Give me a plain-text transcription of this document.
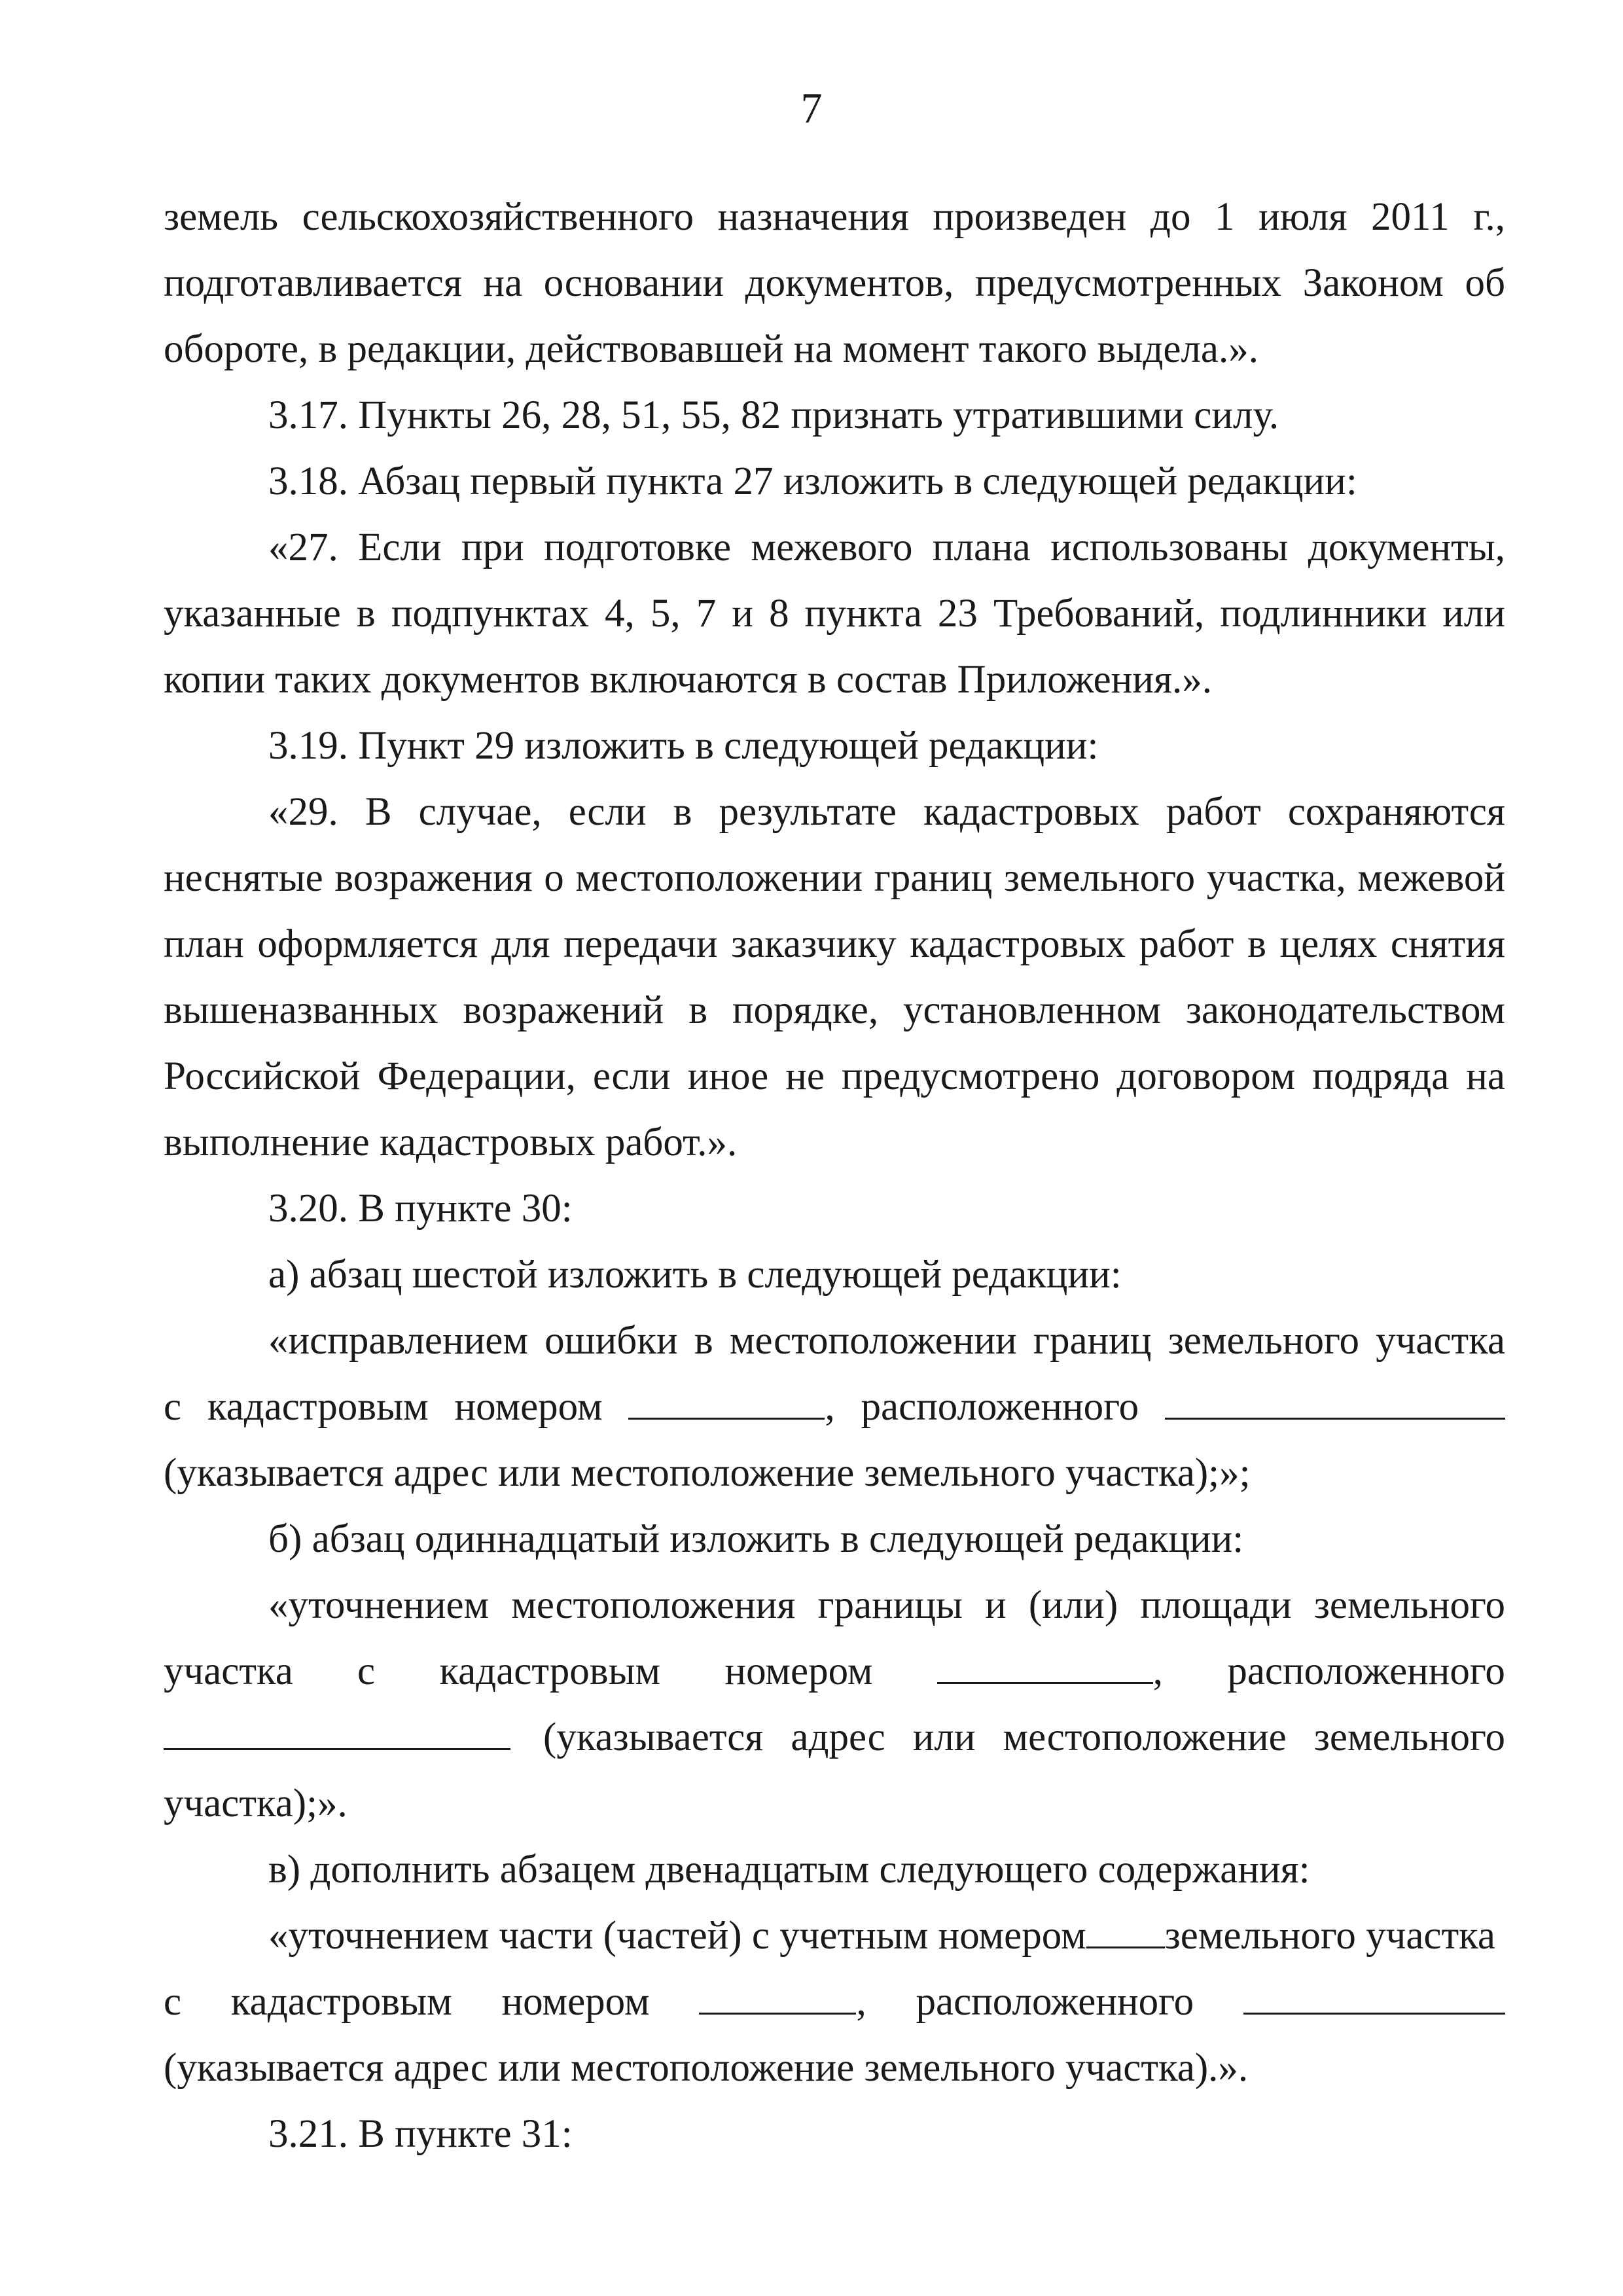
7
земель сельскохозяйственного назначения произведен до 1 июля 2011 г.,
подготавливается на основании документов, предусмотренных Законом об
обороте, в редакции, действовавшей на момент такого выдела.».
3.17. Пункты 26, 28, 51, 55, 82 признать утратившими силу.
3.18. Абзац первый пункта 27 изложить в следующей редакции:
«27. Если при подготовке межевого плана использованы документы,
указанные в подпунктах 4, 5, 7 и 8 пункта 23 Требований, подлинники или
копии таких документов включаются в состав Приложения.».
3.19. Пункт 29 изложить в следующей редакции:
«29. В случае, если в результате кадастровых работ сохраняются
неснятые возражения о местоположении границ земельного участка, межевой
план оформляется для передачи заказчику кадастровых работ в целях снятия
вышеназванных возражений в порядке, установленном законодательством
Российской Федерации, если иное не предусмотрено договором подряда на
выполнение кадастровых работ.».
3.20. В пункте 30:
а) абзац шестой изложить в следующей редакции:
«исправлением ошибки в местоположении границ земельного участка
с кадастровым номером	, расположенного
(указывается адрес или местоположение земельного участка);»;
б) абзац одиннадцатый изложить в следующей редакции:
«уточнением местоположения границы и (или) площади земельного
участка с кадастровым номером	, расположенного
(указывается адрес или местоположение земельного
участка);».
в) дополнить абзацем двенадцатым следующего содержания:
«уточнением части (частей) с учетным номером земельного участка
с кадастровым номером	, расположенного
(указывается адрес или местоположение земельного участка).».
3.21. В пункте 31:
